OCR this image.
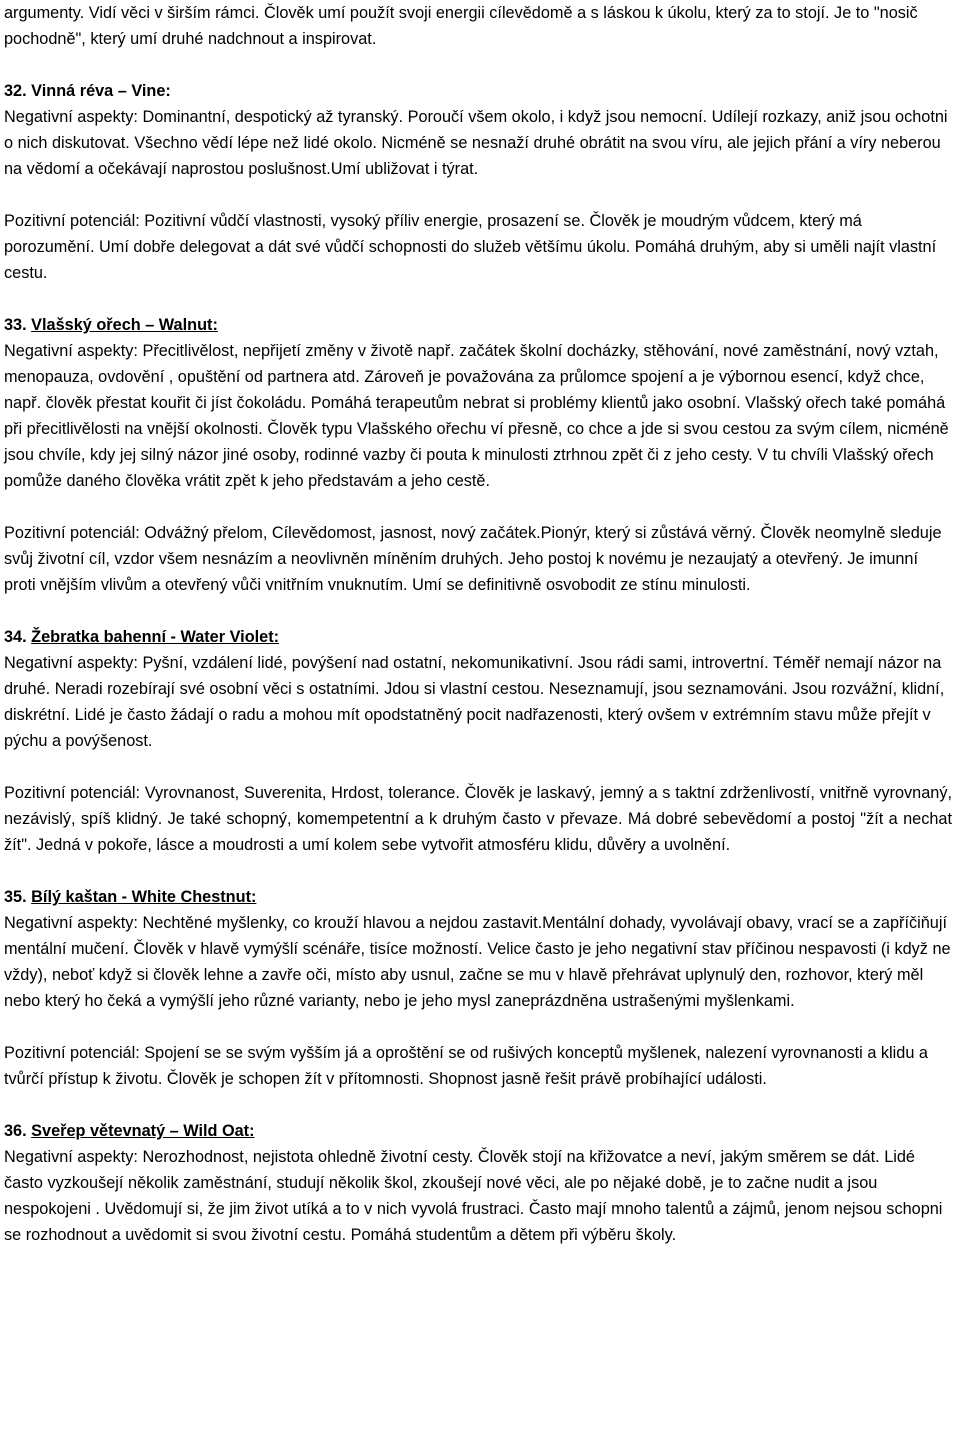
argumenty. Vidí věci v širším rámci. Člověk umí použít svoji energii cílevědomě a s láskou k úkolu, který za to stojí. Je to "nosič pochodně", který umí druhé nadchnout a inspirovat.

32. Vinná réva – Vine:

Negativní aspekty: Dominantní, despotický až tyranský. Poroučí všem okolo, i když jsou nemocní. Udílejí rozkazy, aniž jsou ochotni o nich diskutovat. Všechno vědí lépe než lidé okolo. Nicméně se nesnaží druhé obrátit na svou víru, ale jejich přání a víry neberou na vědomí a očekávají naprostou poslušnost.Umí ubližovat i týrat.

Pozitivní potenciál: Pozitivní vůdčí vlastnosti, vysoký příliv energie, prosazení se. Člověk je moudrým vůdcem, který má porozumění. Umí dobře delegovat a dát své vůdčí schopnosti do služeb většímu úkolu. Pomáhá druhým, aby si uměli najít vlastní cestu.

33. Vlašský ořech – Walnut:

Negativní aspekty: Přecitlivělost, nepřijetí změny v životě např. začátek školní docházky, stěhování, nové zaměstnání, nový vztah, menopauza, ovdovění , opuštění od partnera atd. Zároveň je považována za průlomce spojení a je výbornou esencí, když chce, např. člověk přestat kouřit či jíst čokoládu. Pomáhá terapeutům nebrat si problémy klientů jako osobní. Vlašský ořech také pomáhá při přecitlivělosti na vnější okolnosti. Člověk typu Vlašského ořechu ví přesně, co chce a jde si svou cestou za svým cílem, nicméně jsou chvíle, kdy jej silný názor jiné osoby, rodinné vazby či pouta k minulosti ztrhnou zpět či z jeho cesty. V tu chvíli Vlašský ořech pomůže daného člověka vrátit zpět k jeho představám a jeho cestě.

Pozitivní potenciál: Odvážný přelom, Cílevědomost, jasnost, nový začátek.Pionýr, který si zůstává věrný. Člověk neomylně sleduje svůj životní cíl, vzdor všem nesnázím a neovlivněn míněním druhých. Jeho postoj k novému je nezaujatý a otevřený. Je imunní proti vnějším vlivům a otevřený vůči vnitřním vnuknutím. Umí se definitivně osvobodit ze stínu minulosti.

34. Žebratka bahenní - Water Violet:

Negativní aspekty: Pyšní, vzdálení lidé, povýšení nad ostatní, nekomunikativní. Jsou rádi sami, introvertní. Téměř nemají názor na druhé. Neradi rozebírají své osobní věci s ostatními. Jdou si vlastní cestou. Neseznamují, jsou seznamováni. Jsou rozvážní, klidní, diskrétní. Lidé je často žádají o radu a mohou mít opodstatněný pocit nadřazenosti, který ovšem v extrémním stavu může přejít v pýchu a povýšenost.

Pozitivní potenciál: Vyrovnanost, Suverenita, Hrdost, tolerance. Člověk je laskavý, jemný a s taktní zdrženlivostí, vnitřně vyrovnaný, nezávislý, spíš klidný. Je také schopný, komempetentní a k druhým často v převaze. Má dobré sebevědomí a postoj "žít a nechat žít". Jedná v pokoře, lásce a moudrosti a umí kolem sebe vytvořit atmosféru klidu, důvěry a uvolnění.

35. Bílý kaštan - White Chestnut:

Negativní aspekty: Nechtěné myšlenky, co krouží hlavou a nejdou zastavit.Mentální dohady, vyvolávají obavy, vrací se a zapříčiňují mentální mučení. Člověk v hlavě vymýšlí scénáře, tisíce možností. Velice často je jeho negativní stav příčinou nespavosti (i když ne vždy), neboť když si člověk lehne a zavře oči, místo aby usnul, začne se mu v hlavě přehrávat uplynulý den, rozhovor, který měl nebo který ho čeká a vymýšlí jeho různé varianty, nebo je jeho mysl zaneprázdněna ustrašenými myšlenkami.

Pozitivní potenciál: Spojení se se svým vyšším já a oproštění se od rušivých konceptů myšlenek, nalezení vyrovnanosti a klidu a tvůrčí přístup k životu. Člověk je schopen žít v přítomnosti. Shopnost jasně řešit právě probíhající události.

36. Sveřep větevnatý – Wild Oat:

Negativní aspekty: Nerozhodnost, nejistota ohledně životní cesty. Člověk stojí na křižovatce a neví, jakým směrem se dát. Lidé často vyzkoušejí několik zaměstnání, studují několik škol, zkoušejí nové věci, ale po nějaké době, je to začne nudit a jsou nespokojeni . Uvědomují si, že jim život utíká a to v nich vyvolá frustraci. Často mají mnoho talentů a zájmů, jenom nejsou schopni se rozhodnout a uvědomit si svou životní cestu. Pomáhá studentům a dětem při výběru školy.
